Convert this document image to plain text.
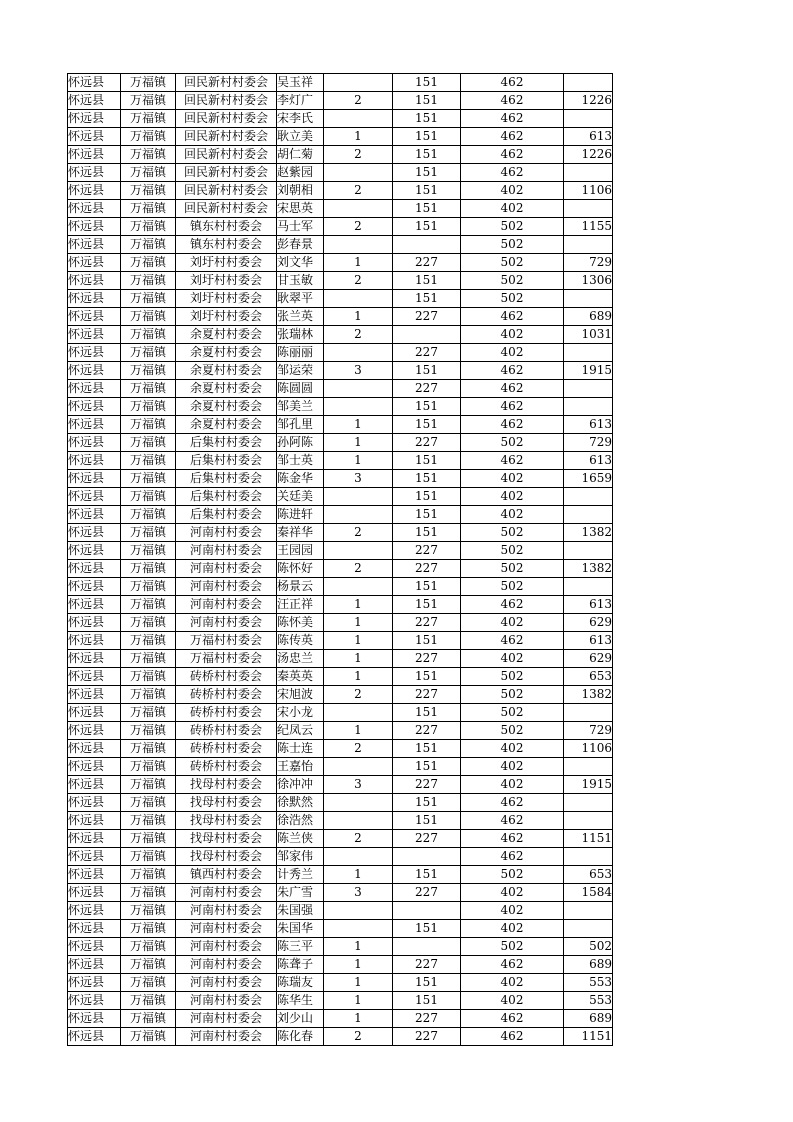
怀远县	万福镇	回民新村村委会	吴玉祥		151	462	
怀远县	万福镇	回民新村村委会	李灯广	2	151	462	1226
怀远县	万福镇	回民新村村委会	宋李氏		151	462	
怀远县	万福镇	回民新村村委会	耿立美	1	151	462	613
怀远县	万福镇	回民新村村委会	胡仁菊	2	151	462	1226
怀远县	万福镇	回民新村村委会	赵紫园		151	462	
怀远县	万福镇	回民新村村委会	刘朝相	2	151	402	1106
怀远县	万福镇	回民新村村委会	宋思英		151	402	
怀远县	万福镇	镇东村村委会	马士军	2	151	502	1155
怀远县	万福镇	镇东村村委会	彭春景			502	
怀远县	万福镇	刘圩村村委会	刘文华	1	227	502	729
怀远县	万福镇	刘圩村村委会	甘玉敏	2	151	502	1306
怀远县	万福镇	刘圩村村委会	耿翠平		151	502	
怀远县	万福镇	刘圩村村委会	张兰英	1	227	462	689
怀远县	万福镇	余夏村村委会	张瑞林	2		402	1031
怀远县	万福镇	余夏村村委会	陈丽丽		227	402	
怀远县	万福镇	余夏村村委会	邹运荣	3	151	462	1915
怀远县	万福镇	余夏村村委会	陈圆圆		227	462	
怀远县	万福镇	余夏村村委会	邹美兰		151	462	
怀远县	万福镇	余夏村村委会	邹孔里	1	151	462	613
怀远县	万福镇	后集村村委会	孙阿陈	1	227	502	729
怀远县	万福镇	后集村村委会	邹士英	1	151	462	613
怀远县	万福镇	后集村村委会	陈金华	3	151	402	1659
怀远县	万福镇	后集村村委会	关廷美		151	402	
怀远县	万福镇	后集村村委会	陈进轩		151	402	
怀远县	万福镇	河南村村委会	秦祥华	2	151	502	1382
怀远县	万福镇	河南村村委会	王园园		227	502	
怀远县	万福镇	河南村村委会	陈怀好	2	227	502	1382
怀远县	万福镇	河南村村委会	杨景云		151	502	
怀远县	万福镇	河南村村委会	汪正祥	1	151	462	613
怀远县	万福镇	河南村村委会	陈怀美	1	227	402	629
怀远县	万福镇	万福村村委会	陈传英	1	151	462	613
怀远县	万福镇	万福村村委会	汤忠兰	1	227	402	629
怀远县	万福镇	砖桥村村委会	秦英英	1	151	502	653
怀远县	万福镇	砖桥村村委会	宋旭波	2	227	502	1382
怀远县	万福镇	砖桥村村委会	宋小龙		151	502	
怀远县	万福镇	砖桥村村委会	纪凤云	1	227	502	729
怀远县	万福镇	砖桥村村委会	陈士连	2	151	402	1106
怀远县	万福镇	砖桥村村委会	王嘉怡		151	402	
怀远县	万福镇	找母村村委会	徐冲冲	3	227	402	1915
怀远县	万福镇	找母村村委会	徐默然		151	462	
怀远县	万福镇	找母村村委会	徐浩然		151	462	
怀远县	万福镇	找母村村委会	陈兰侠	2	227	462	1151
怀远县	万福镇	找母村村委会	邹家伟			462	
怀远县	万福镇	镇西村村委会	计秀兰	1	151	502	653
怀远县	万福镇	河南村村委会	朱广雪	3	227	402	1584
怀远县	万福镇	河南村村委会	朱国强			402	
怀远县	万福镇	河南村村委会	朱国华		151	402	
怀远县	万福镇	河南村村委会	陈三平	1		502	502
怀远县	万福镇	河南村村委会	陈聋子	1	227	462	689
怀远县	万福镇	河南村村委会	陈瑞友	1	151	402	553
怀远县	万福镇	河南村村委会	陈华生	1	151	402	553
怀远县	万福镇	河南村村委会	刘少山	1	227	462	689
怀远县	万福镇	河南村村委会	陈化春	2	227	462	1151
